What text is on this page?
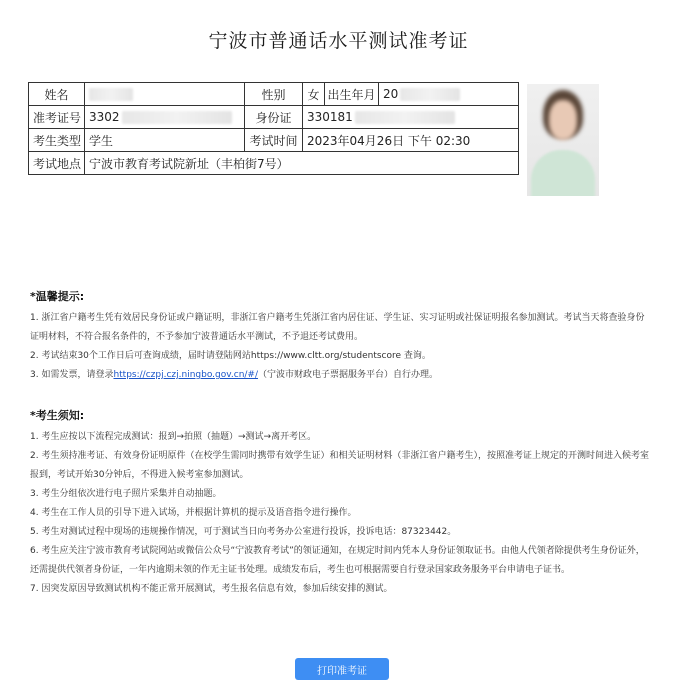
宁波市普通话水平测试准考证
姓名		性别	女	出生年月	20
准考证号	3302	身份证	330181		
考生类型	学生	考试时间	2023年04月26日 下午 02:30		
考试地点	宁波市教育考试院新址（丰柏街7号）				
*温馨提示:

1. 浙江省户籍考生凭有效居民身份证或户籍证明，非浙江省户籍考生凭浙江省内居住证、学生证、实习证明或社保证明报名参加测试。考试当天将查验身份证明材料，不符合报名条件的，不予参加宁波普通话水平测试，不予退还考试费用。

2. 考试结束30个工作日后可查询成绩，届时请登陆网站https://www.cltt.org/studentscore 查询。

3. 如需发票，请登录https://czpj.czj.ningbo.gov.cn/#/（宁波市财政电子票据服务平台）自行办理。

*考生须知:

1. 考生应按以下流程完成测试：报到→拍照（抽题）→测试→离开考区。

2. 考生须持准考证、有效身份证明原件（在校学生需同时携带有效学生证）和相关证明材料（非浙江省户籍考生），按照准考证上规定的开测时间进入候考室报到，考试开始30分钟后，不得进入候考室参加测试。

3. 考生分组依次进行电子照片采集并自动抽题。

4. 考生在工作人员的引导下进入试场，并根据计算机的提示及语音指令进行操作。

5. 考生对测试过程中现场的违规操作情况，可于测试当日向考务办公室进行投诉，投诉电话：87323442。

6. 考生应关注宁波市教育考试院网站或微信公众号“宁波教育考试”的领证通知，在规定时间内凭本人身份证领取证书。由他人代领者除提供考生身份证外，还需提供代领者身份证，一年内逾期未领的作无主证书处理。成绩发布后，考生也可根据需要自行登录国家政务服务平台申请电子证书。

7. 因突发原因导致测试机构不能正常开展测试，考生报名信息有效，参加后续安排的测试。

打印准考证
